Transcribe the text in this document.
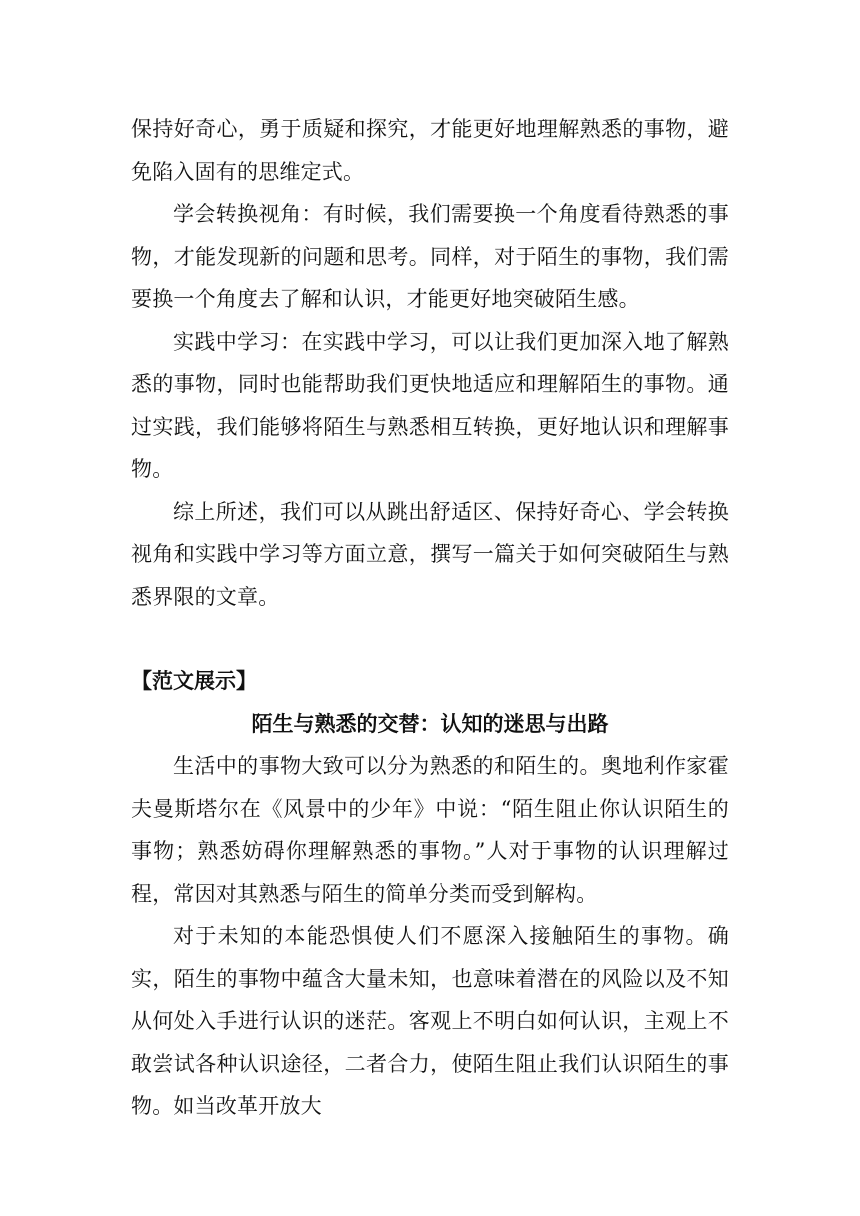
保持好奇心，勇于质疑和探究，才能更好地理解熟悉的事物，避免陷入固有的思维定式。

学会转换视角：有时候，我们需要换一个角度看待熟悉的事物，才能发现新的问题和思考。同样，对于陌生的事物，我们需要换一个角度去了解和认识，才能更好地突破陌生感。

实践中学习：在实践中学习，可以让我们更加深入地了解熟悉的事物，同时也能帮助我们更快地适应和理解陌生的事物。通过实践，我们能够将陌生与熟悉相互转换，更好地认识和理解事物。

综上所述，我们可以从跳出舒适区、保持好奇心、学会转换视角和实践中学习等方面立意，撰写一篇关于如何突破陌生与熟悉界限的文章。

【范文展示】

陌生与熟悉的交替：认知的迷思与出路

生活中的事物大致可以分为熟悉的和陌生的。奥地利作家霍夫曼斯塔尔在《风景中的少年》中说：“陌生阻止你认识陌生的事物；熟悉妨碍你理解熟悉的事物。”人对于事物的认识理解过程，常因对其熟悉与陌生的简单分类而受到解构。

对于未知的本能恐惧使人们不愿深入接触陌生的事物。确实，陌生的事物中蕴含大量未知，也意味着潜在的风险以及不知从何处入手进行认识的迷茫。客观上不明白如何认识，主观上不敢尝试各种认识途径，二者合力，使陌生阻止我们认识陌生的事物。如当改革开放大
